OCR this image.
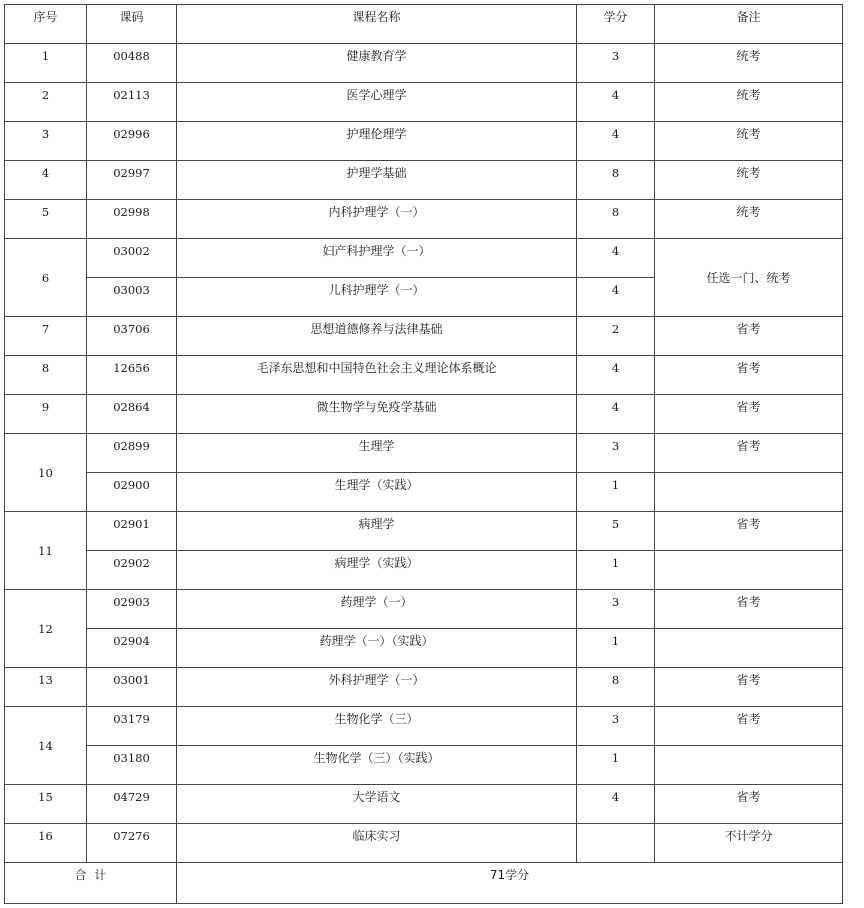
序号	课码	课程名称	学分	备注
1	00488	健康教育学	3	统考
2	02113	医学心理学	4	统考
3	02996	护理伦理学	4	统考
4	02997	护理学基础	8	统考
5	02998	内科护理学（一）	8	统考
6	03002	妇产科护理学（一）	4	任选一门、统考
	03003	儿科护理学（一）	4	
7	03706	思想道德修养与法律基础	2	省考
8	12656	毛泽东思想和中国特色社会主义理论体系概论	4	省考
9	02864	微生物学与免疫学基础	4	省考
10	02899	生理学	3	省考
	02900	生理学（实践）	1	
11	02901	病理学	5	省考
	02902	病理学（实践）	1	
12	02903	药理学（一）	3	省考
	02904	药理学（一）（实践）	1	
13	03001	外科护理学（一）	8	省考
14	03179	生物化学（三）	3	省考
	03180	生物化学（三）（实践）	1	
15	04729	大学语文	4	省考
16	07276	临床实习		不计学分
合  计		71学分		
